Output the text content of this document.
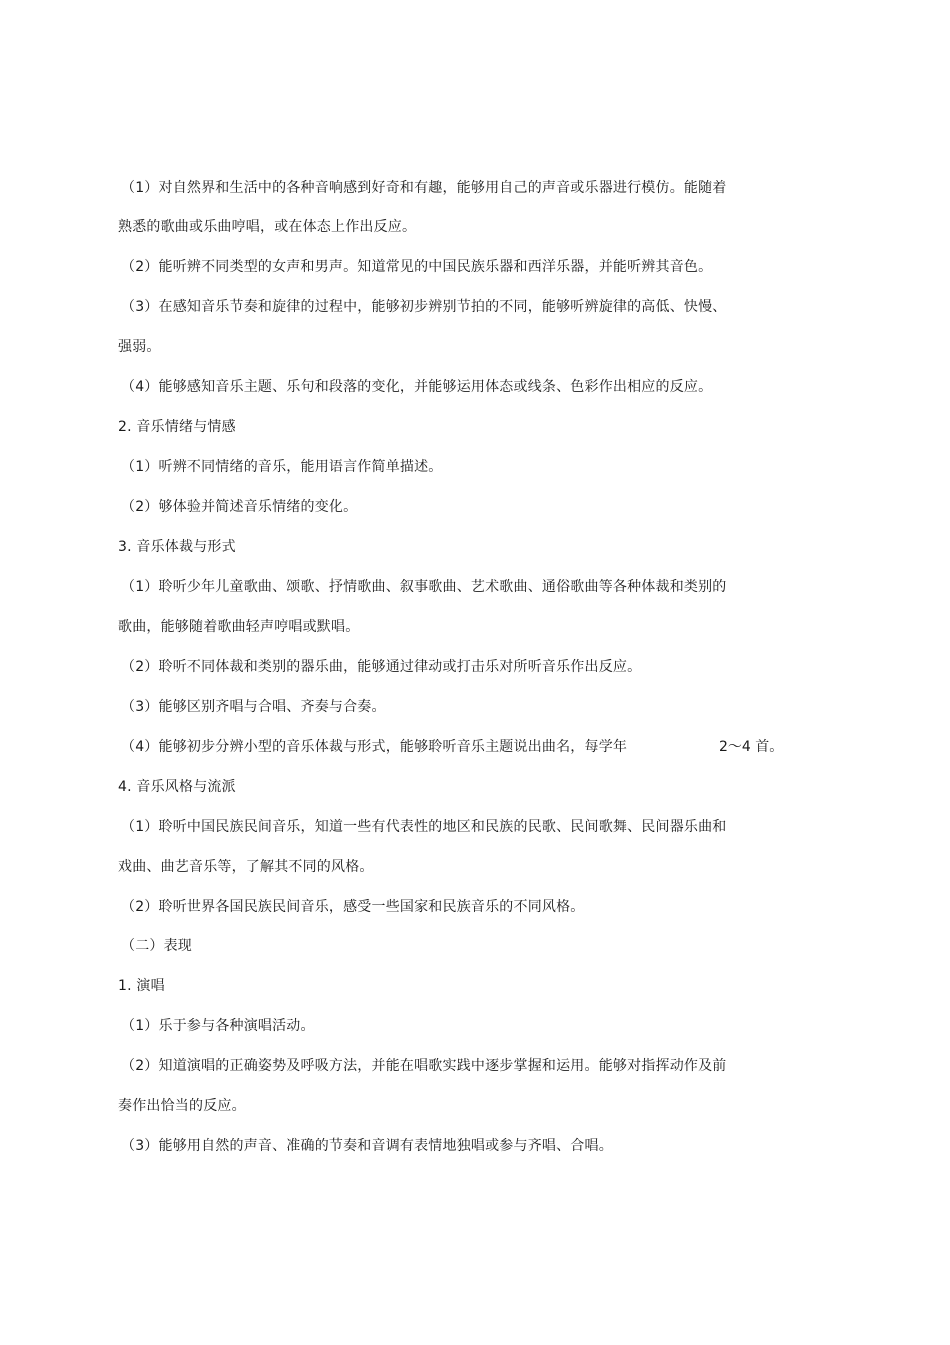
（1）对自然界和生活中的各种音响感到好奇和有趣，能够用自己的声音或乐器进行模仿。能随着
熟悉的歌曲或乐曲哼唱，或在体态上作出反应。
（2）能听辨不同类型的女声和男声。知道常见的中国民族乐器和西洋乐器，并能听辨其音色。
（3）在感知音乐节奏和旋律的过程中，能够初步辨别节拍的不同，能够听辨旋律的高低、快慢、
强弱。
（4）能够感知音乐主题、乐句和段落的变化，并能够运用体态或线条、色彩作出相应的反应。
2. 音乐情绪与情感
（1）听辨不同情绪的音乐，能用语言作简单描述。
（2）够体验并简述音乐情绪的变化。
3. 音乐体裁与形式
（1）聆听少年儿童歌曲、颂歌、抒情歌曲、叙事歌曲、艺术歌曲、通俗歌曲等各种体裁和类别的
歌曲，能够随着歌曲轻声哼唱或默唱。
（2）聆听不同体裁和类别的器乐曲，能够通过律动或打击乐对所听音乐作出反应。
（3）能够区别齐唱与合唱、齐奏与合奏。
（4）能够初步分辨小型的音乐体裁与形式，能够聆听音乐主题说出曲名，每学年	2～4 首。
4. 音乐风格与流派
（1）聆听中国民族民间音乐，知道一些有代表性的地区和民族的民歌、民间歌舞、民间器乐曲和
戏曲、曲艺音乐等，了解其不同的风格。
（2）聆听世界各国民族民间音乐，感受一些国家和民族音乐的不同风格。
（二）表现
1. 演唱
（1）乐于参与各种演唱活动。
（2）知道演唱的正确姿势及呼吸方法，并能在唱歌实践中逐步掌握和运用。能够对指挥动作及前
奏作出恰当的反应。
（3）能够用自然的声音、准确的节奏和音调有表情地独唱或参与齐唱、合唱。
